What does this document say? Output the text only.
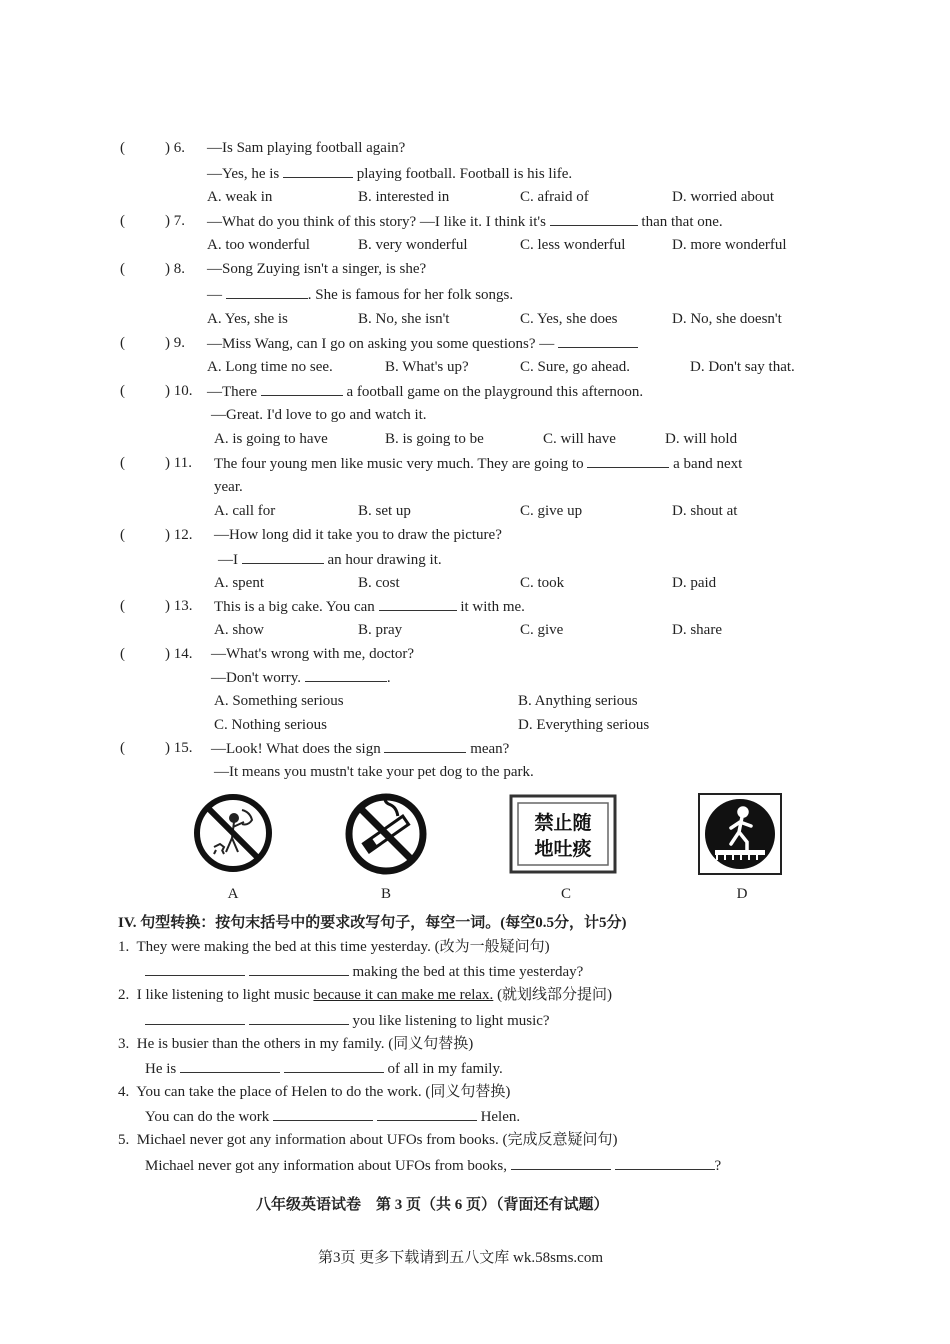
(	) 6. —Is Sam playing football again?
—Yes, he is	playing football. Football is his life.
A. weak in	B. interested in	C. afraid of	D. worried about
(	) 7. —What do you think of this story? —I like it. I think it's	than that one.
A. too wonderful	B. very wonderful	C. less wonderful	D. more wonderful
(	) 8. —Song Zuying isn't a singer, is she?
—	. She is famous for her folk songs.
A. Yes, she is	B. No, she isn't	C. Yes, she does	D. No, she doesn't
(	) 9. —Miss Wang, can I go on asking you some questions? —
A. Long time no see.	B. What's up?	C. Sure, go ahead.	D. Don't say that.
(	) 10. —There	a football game on the playground this afternoon.
—Great. I'd love to go and watch it.
A. is going to have	B. is going to be	C. will have	D. will hold
(	) 11. The four young men like music very much. They are going to	a band next
year.
A. call for	B. set up	C. give up	D. shout at
(	) 12. —How long did it take you to draw the picture?
—I	an hour drawing it.
A. spent	B. cost	C. took	D. paid
(	) 13. This is a big cake. You can	it with me.
A. show	B. pray	C. give	D. share
(	) 14. —What's wrong with me, doctor?
—Don't worry.	.
A. Something serious	B. Anything serious
C. Nothing serious	D. Everything serious
(	) 15. —Look! What does the sign	mean?
—It means you mustn't take your pet dog to the park.
禁止随
地吐痰
A	B	C	D
IV. 句型转换：按句末括号中的要求改写句子，每空一词。(每空0.5分，计5分)
1.  They were making the bed at this time yesterday. (改为一般疑问句)
making the bed at this time yesterday?
2.  I like listening to light music because it can make me relax. (就划线部分提问)
you like listening to light music?
3.  He is busier than the others in my family. (同义句替换)
He is	of all in my family.
4.  You can take the place of Helen to do the work. (同义句替换)
You can do the work	Helen.
5.  Michael never got any information about UFOs from books. (完成反意疑问句)
Michael never got any information about UFOs from books,	?
八年级英语试卷　第 3 页（共 6 页）（背面还有试题）
第3页 更多下载请到五八文库 wk.58sms.com
